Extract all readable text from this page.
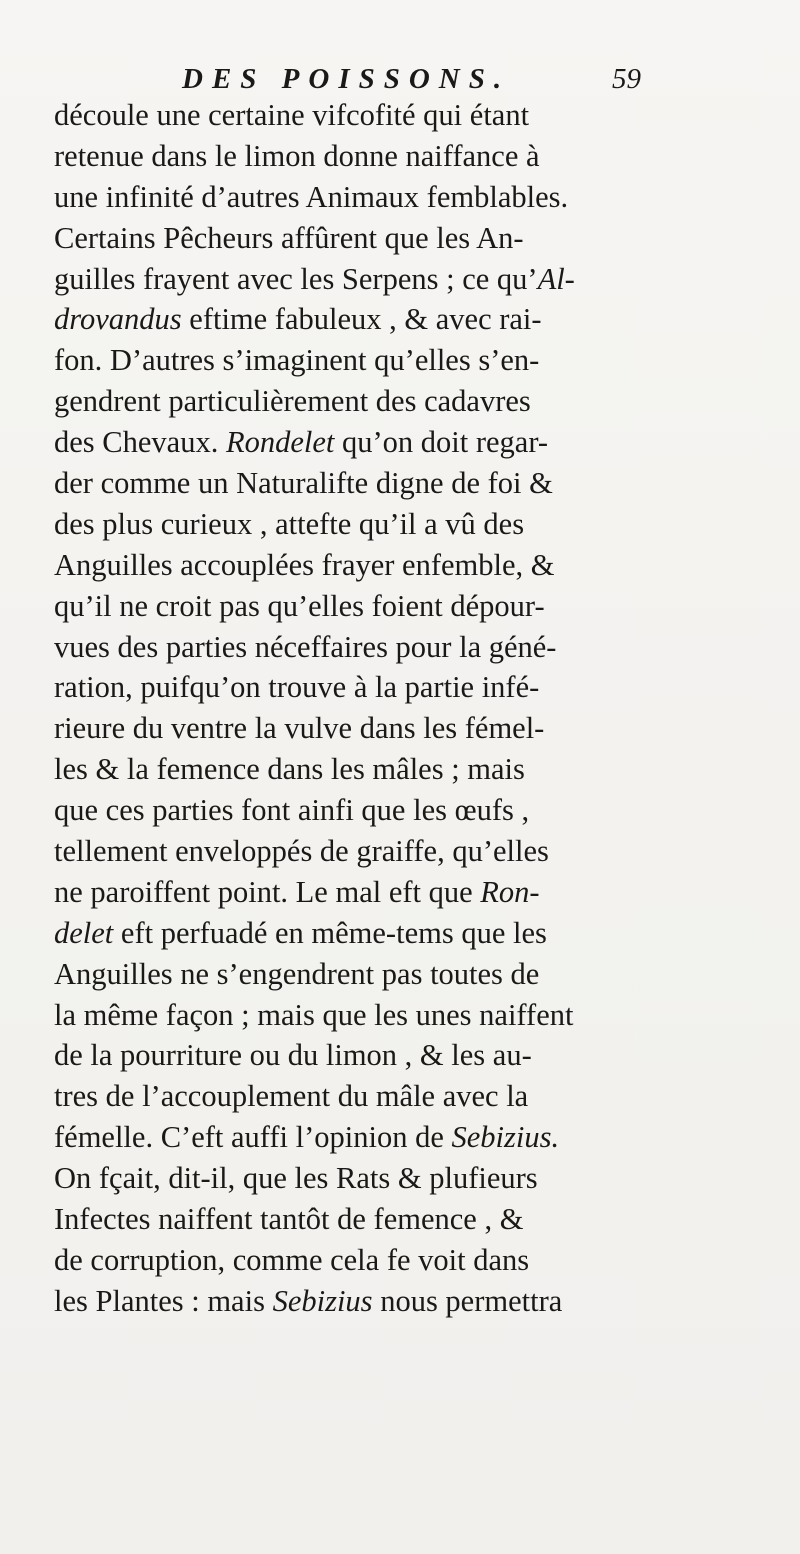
DES POISSONS.	59
découle une certaine vifcofité qui étant
retenue dans le limon donne naiffance à
une infinité d’autres Animaux femblables.
Certains Pêcheurs affûrent que les An-
guilles frayent avec les Serpens ; ce qu’Al-
drovandus eftime fabuleux , & avec rai-
fon. D’autres s’imaginent qu’elles s’en-
gendrent particulièrement des cadavres
des Chevaux. Rondelet qu’on doit regar-
der comme un Naturalifte digne de foi &
des plus curieux , attefte qu’il a vû des
Anguilles accouplées frayer enfemble, &
qu’il ne croit pas qu’elles foient dépour-
vues des parties néceffaires pour la géné-
ration, puifqu’on trouve à la partie infé-
rieure du ventre la vulve dans les fémel-
les & la femence dans les mâles ; mais
que ces parties font ainfi que les œufs ,
tellement enveloppés de graiffe, qu’elles
ne paroiffent point. Le mal eft que Ron-
delet eft perfuadé en même-tems que les
Anguilles ne s’engendrent pas toutes de
la même façon ; mais que les unes naiffent
de la pourriture ou du limon , & les au-
tres de l’accouplement du mâle avec la
fémelle. C’eft auffi l’opinion de Sebizius.
On fçait, dit-il, que les Rats & plufieurs
Infectes naiffent tantôt de femence , &
de corruption, comme cela fe voit dans
les Plantes : mais Sebizius nous permettra
